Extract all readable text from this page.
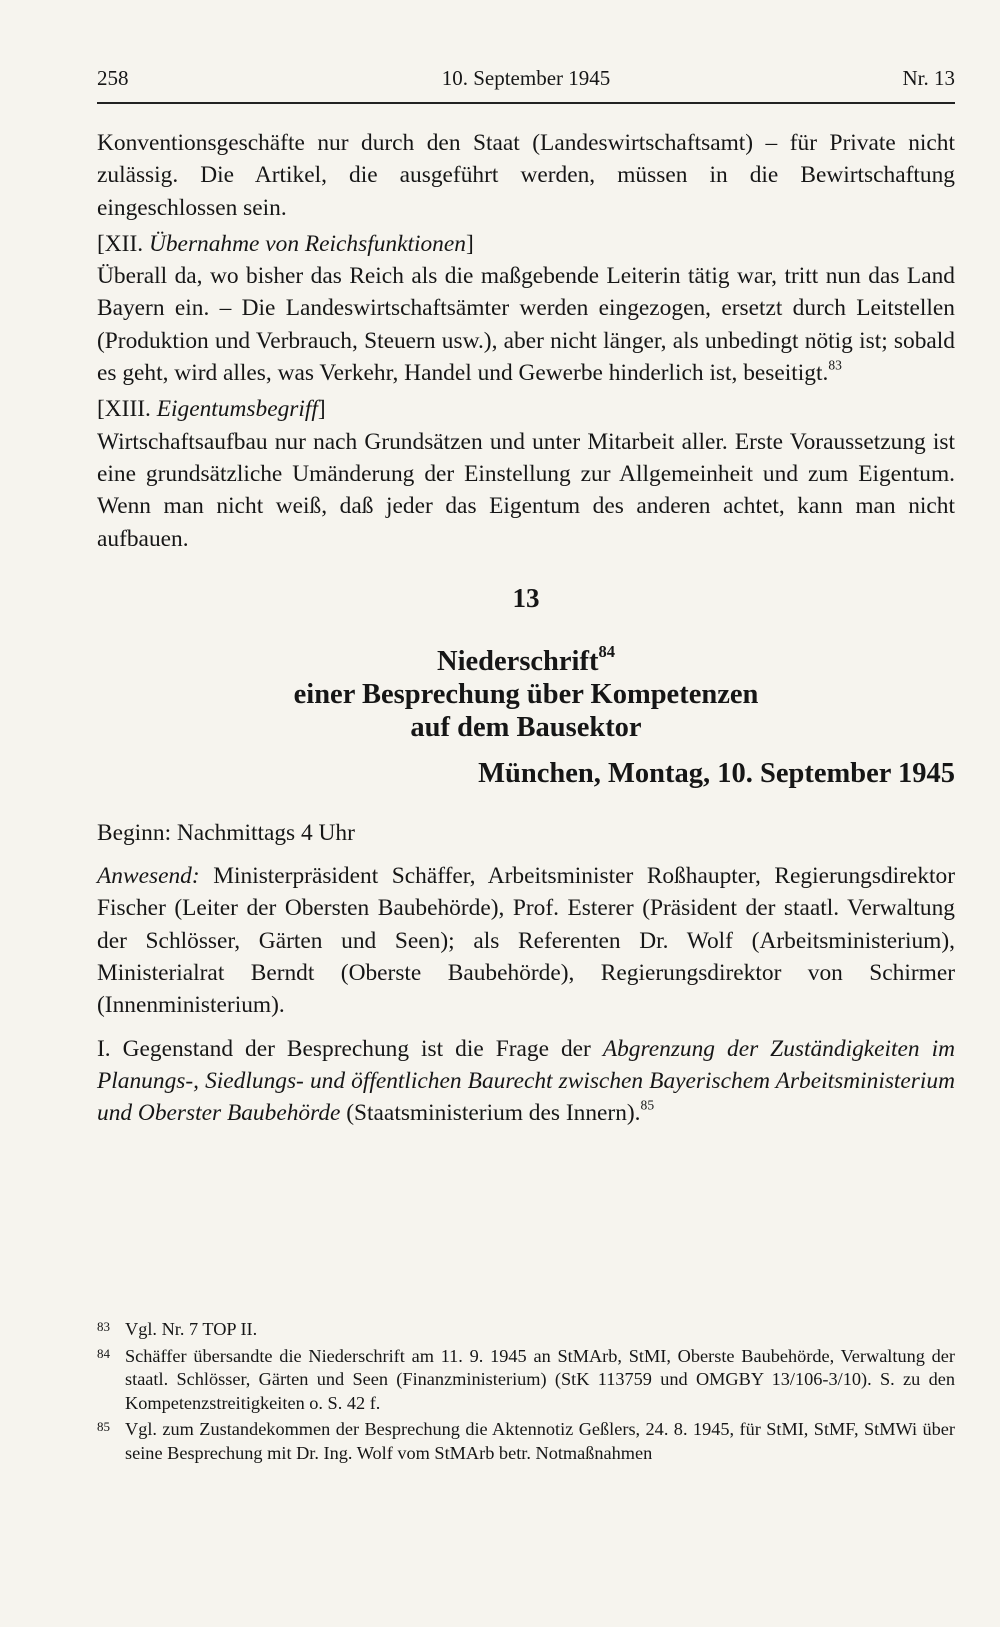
258	10. September 1945	Nr. 13

Konventionsgeschäfte nur durch den Staat (Landeswirtschaftsamt) – für Private nicht zulässig. Die Artikel, die ausgeführt werden, müssen in die Bewirtschaftung eingeschlossen sein.

[XII. Übernahme von Reichsfunktionen]

Überall da, wo bisher das Reich als die maßgebende Leiterin tätig war, tritt nun das Land Bayern ein. – Die Landeswirtschaftsämter werden eingezogen, ersetzt durch Leitstellen (Produktion und Verbrauch, Steuern usw.), aber nicht länger, als unbedingt nötig ist; sobald es geht, wird alles, was Verkehr, Handel und Gewerbe hinderlich ist, beseitigt.$^{83}$

[XIII. Eigentumsbegriff]

Wirtschaftsaufbau nur nach Grundsätzen und unter Mitarbeit aller. Erste Voraussetzung ist eine grundsätzliche Umänderung der Einstellung zur Allgemeinheit und zum Eigentum. Wenn man nicht weiß, daß jeder das Eigentum des anderen achtet, kann man nicht aufbauen.

13
Niederschrift$^{84}$
einer Besprechung über Kompetenzen
auf dem Bausektor
München, Montag, 10. September 1945

Beginn: Nachmittags 4 Uhr

Anwesend: Ministerpräsident Schäffer, Arbeitsminister Roßhaupter, Regierungsdirektor Fischer (Leiter der Obersten Baubehörde), Prof. Esterer (Präsident der staatl. Verwaltung der Schlösser, Gärten und Seen); als Referenten Dr. Wolf (Arbeitsministerium), Ministerialrat Berndt (Oberste Baubehörde), Regierungsdirektor von Schirmer (Innenministerium).

I. Gegenstand der Besprechung ist die Frage der Abgrenzung der Zuständigkeiten im Planungs-, Siedlungs- und öffentlichen Baurecht zwischen Bayerischem Arbeitsministerium und Oberster Baubehörde (Staatsministerium des Innern).$^{85}$

83 Vgl. Nr. 7 TOP II.
84 Schäffer übersandte die Niederschrift am 11. 9. 1945 an StMArb, StMI, Oberste Baubehörde, Verwaltung der staatl. Schlösser, Gärten und Seen (Finanzministerium) (StK 113759 und OMGBY 13/106-3/10). S. zu den Kompetenzstreitigkeiten o. S. 42 f.
85 Vgl. zum Zustandekommen der Besprechung die Aktennotiz Geßlers, 24. 8. 1945, für StMI, StMF, StMWi über seine Besprechung mit Dr. Ing. Wolf vom StMArb betr. Notmaßnahmen
